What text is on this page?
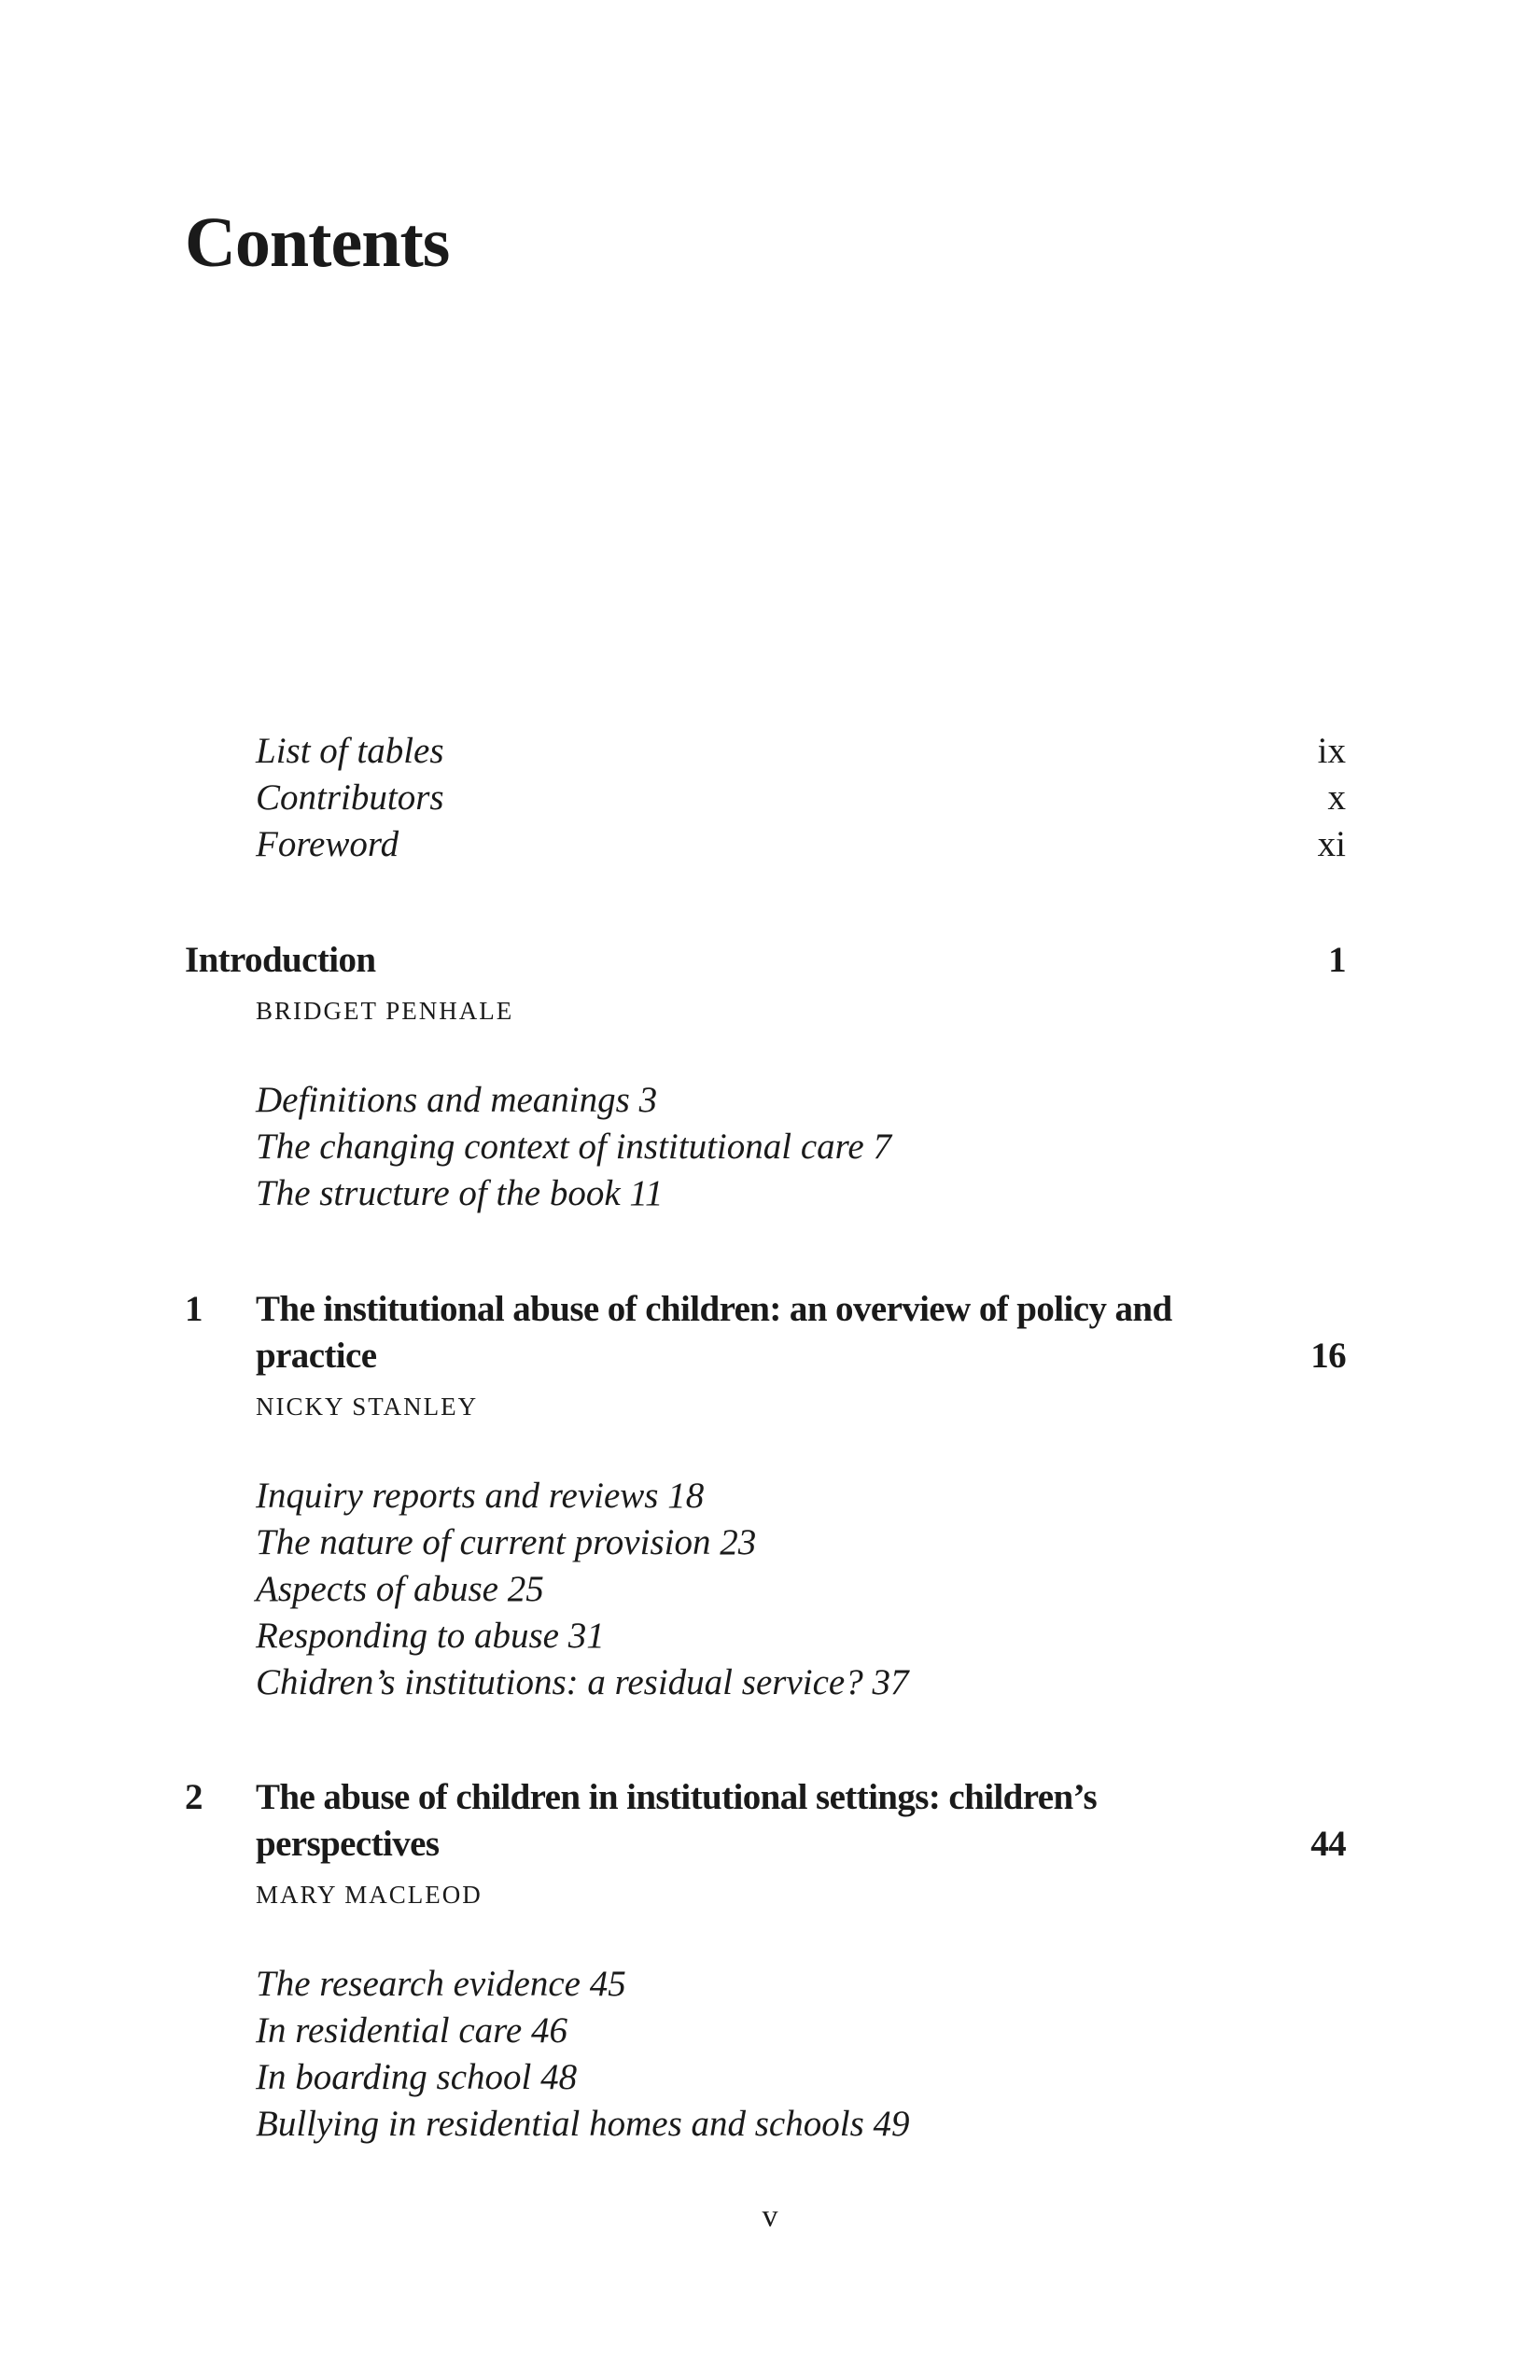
Contents
List of tables	ix
Contributors	x
Foreword	xi
Introduction	1
BRIDGET PENHALE
Definitions and meanings 3
The changing context of institutional care 7
The structure of the book 11
1 The institutional abuse of children: an overview of policy and
practice	16
NICKY STANLEY
Inquiry reports and reviews 18
The nature of current provision 23
Aspects of abuse 25
Responding to abuse 31
Chidren’s institutions: a residual service? 37
2 The abuse of children in institutional settings: children’s
perspectives	44
MARY MACLEOD
The research evidence 45
In residential care 46
In boarding school 48
Bullying in residential homes and schools 49
v
